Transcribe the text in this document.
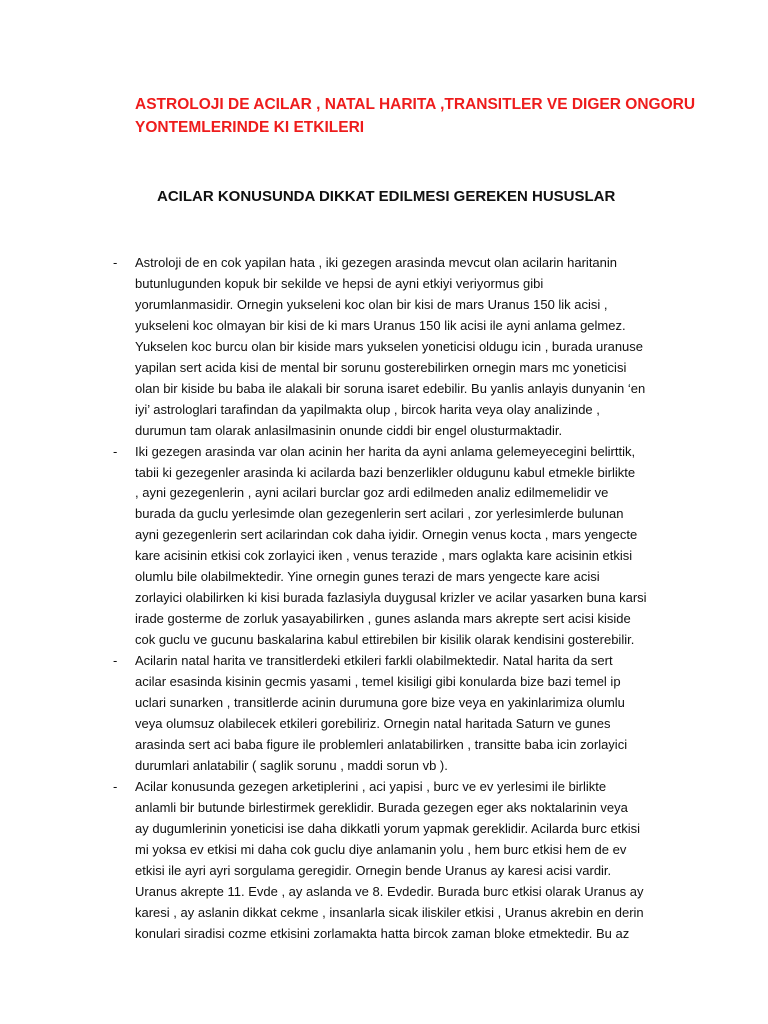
ASTROLOJI DE ACILAR , NATAL HARITA ,TRANSITLER VE DIGER ONGORU
YONTEMLERINDE KI ETKILERI
ACILAR KONUSUNDA DIKKAT EDILMESI GEREKEN HUSUSLAR
- Astroloji de en cok yapilan hata , iki gezegen arasinda mevcut olan acilarin haritanin
butunlugunden kopuk bir sekilde ve hepsi de ayni etkiyi veriyormus gibi
yorumlanmasidir. Ornegin yukseleni koc olan bir kisi de mars Uranus 150 lik acisi ,
yukseleni koc olmayan bir kisi de ki mars Uranus 150 lik acisi ile ayni anlama gelmez.
Yukselen koc burcu olan bir kiside mars yukselen yoneticisi oldugu icin , burada uranuse
yapilan sert acida kisi de mental bir sorunu gosterebilirken ornegin mars mc yoneticisi
olan bir kiside bu baba ile alakali bir soruna isaret edebilir. Bu yanlis anlayis dunyanin ‘en
iyi’ astrologlari tarafindan da yapilmakta olup , bircok harita veya olay analizinde ,
durumun tam olarak anlasilmasinin onunde ciddi bir engel olusturmaktadir.
- Iki gezegen arasinda var olan acinin her harita da ayni anlama gelemeyecegini belirttik,
tabii ki gezegenler arasinda ki acilarda bazi benzerlikler oldugunu kabul etmekle birlikte
, ayni gezegenlerin , ayni acilari burclar goz ardi edilmeden analiz edilmemelidir ve
burada da guclu yerlesimde olan gezegenlerin sert acilari , zor yerlesimlerde bulunan
ayni gezegenlerin sert acilarindan cok daha iyidir. Ornegin venus kocta , mars yengecte
kare acisinin etkisi cok zorlayici iken , venus terazide , mars oglakta kare acisinin etkisi
olumlu bile olabilmektedir. Yine ornegin gunes terazi de mars yengecte kare acisi
zorlayici olabilirken ki kisi burada fazlasiyla duygusal krizler ve acilar yasarken buna karsi
irade gosterme de zorluk yasayabilirken , gunes aslanda mars akrepte sert acisi kiside
cok guclu ve gucunu baskalarina kabul ettirebilen bir kisilik olarak kendisini gosterebilir.
- Acilarin natal harita ve transitlerdeki etkileri farkli olabilmektedir. Natal harita da sert
acilar esasinda kisinin gecmis yasami , temel kisiligi gibi konularda bize bazi temel ip
uclari sunarken , transitlerde acinin durumuna gore bize veya en yakinlarimiza olumlu
veya olumsuz olabilecek etkileri gorebiliriz. Ornegin natal haritada Saturn ve gunes
arasinda sert aci baba figure ile problemleri anlatabilirken , transitte baba icin zorlayici
durumlari anlatabilir ( saglik sorunu , maddi sorun vb ).
- Acilar konusunda gezegen arketiplerini , aci yapisi , burc ve ev yerlesimi ile birlikte
anlamli bir butunde birlestirmek gereklidir. Burada gezegen eger aks noktalarinin veya
ay dugumlerinin yoneticisi ise daha dikkatli yorum yapmak gereklidir. Acilarda burc etkisi
mi yoksa ev etkisi mi daha cok guclu diye anlamanin yolu , hem burc etkisi hem de ev
etkisi ile ayri ayri sorgulama geregidir. Ornegin bende Uranus ay karesi acisi vardir.
Uranus akrepte 11. Evde , ay aslanda ve 8. Evdedir. Burada burc etkisi olarak Uranus ay
karesi , ay aslanin dikkat cekme , insanlarla sicak iliskiler etkisi , Uranus akrebin en derin
konulari siradisi cozme etkisini zorlamakta hatta bircok zaman bloke etmektedir. Bu az
